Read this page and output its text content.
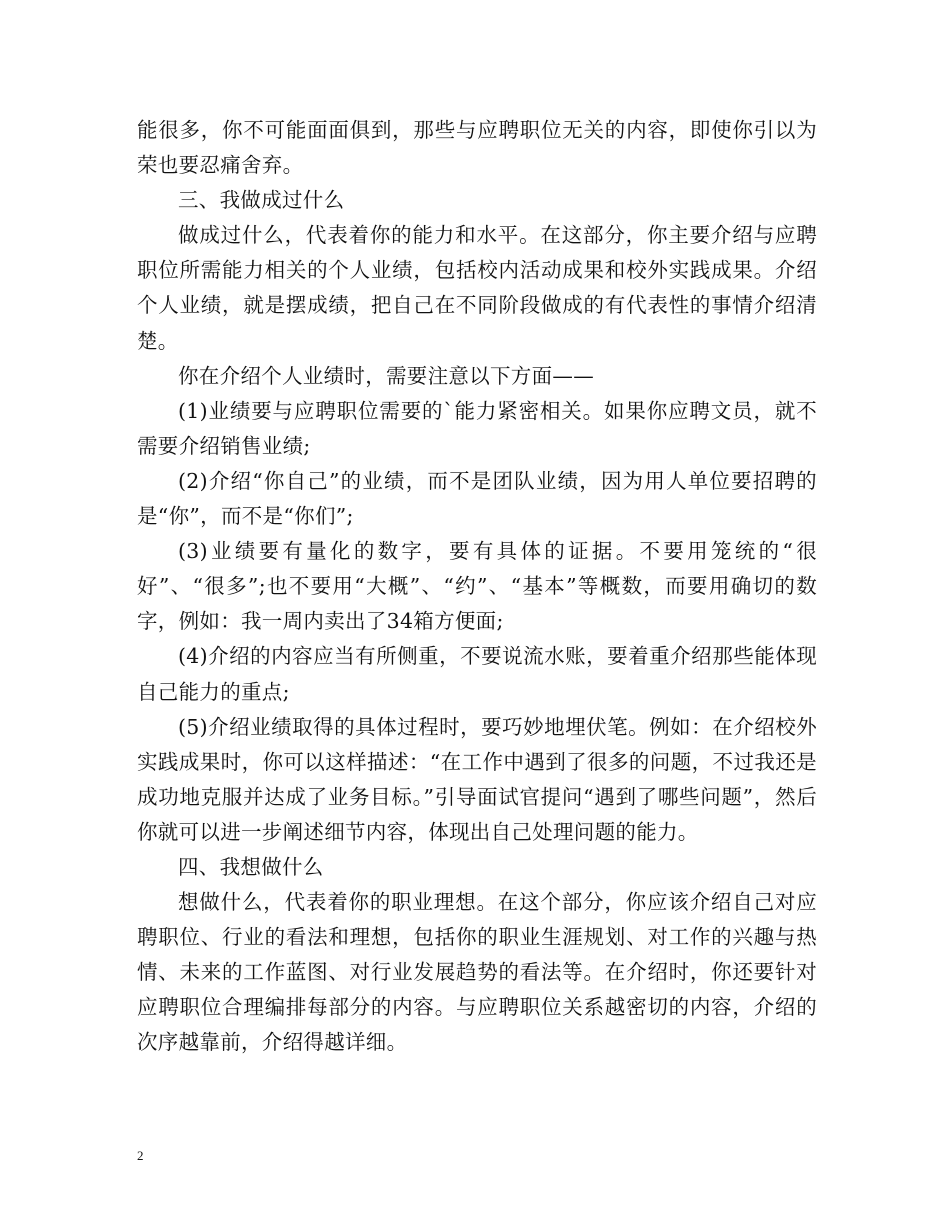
能很多，你不可能面面俱到，那些与应聘职位无关的内容，即使你引以为荣也要忍痛舍弃。

三、我做成过什么

做成过什么，代表着你的能力和水平。在这部分，你主要介绍与应聘职位所需能力相关的个人业绩，包括校内活动成果和校外实践成果。介绍个人业绩，就是摆成绩，把自己在不同阶段做成的有代表性的事情介绍清楚。

你在介绍个人业绩时，需要注意以下方面——

(1)业绩要与应聘职位需要的`能力紧密相关。如果你应聘文员，就不需要介绍销售业绩;

(2)介绍“你自己”的业绩，而不是团队业绩，因为用人单位要招聘的是“你”，而不是“你们”;

(3)业绩要有量化的数字，要有具体的证据。不要用笼统的“很好”、“很多”;也不要用“大概”、“约”、“基本”等概数，而要用确切的数字，例如：我一周内卖出了34箱方便面;

(4)介绍的内容应当有所侧重，不要说流水账，要着重介绍那些能体现自己能力的重点;

(5)介绍业绩取得的具体过程时，要巧妙地埋伏笔。例如：在介绍校外实践成果时，你可以这样描述：“在工作中遇到了很多的问题，不过我还是成功地克服并达成了业务目标。”引导面试官提问“遇到了哪些问题”，然后你就可以进一步阐述细节内容，体现出自己处理问题的能力。

四、我想做什么

想做什么，代表着你的职业理想。在这个部分，你应该介绍自己对应聘职位、行业的看法和理想，包括你的职业生涯规划、对工作的兴趣与热情、未来的工作蓝图、对行业发展趋势的看法等。在介绍时，你还要针对应聘职位合理编排每部分的内容。与应聘职位关系越密切的内容，介绍的次序越靠前，介绍得越详细。

2
